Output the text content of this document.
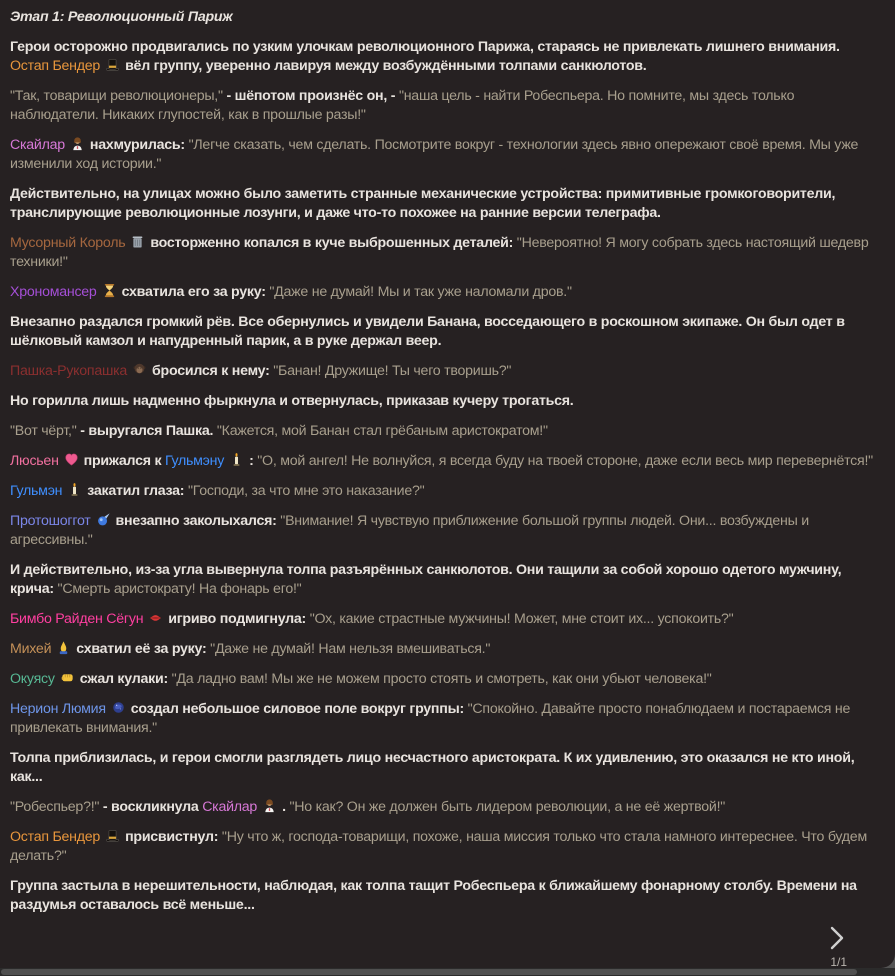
Этап 1: Революционный Париж

Герои осторожно продвигались по узким улочкам революционного Парижа, стараясь не привлекать лишнего внимания. Остап Бендер вёл группу, уверенно лавируя между возбуждёнными толпами санкюлотов.

"Так, товарищи революционеры," - шёпотом произнёс он, - "наша цель - найти Робеспьера. Но помните, мы здесь только наблюдатели. Никаких глупостей, как в прошлые разы!"

Скайлар нахмурилась: "Легче сказать, чем сделать. Посмотрите вокруг - технологии здесь явно опережают своё время. Мы уже изменили ход истории."

Действительно, на улицах можно было заметить странные механические устройства: примитивные громкоговорители, транслирующие революционные лозунги, и даже что-то похожее на ранние версии телеграфа.

Мусорный Король восторженно копался в куче выброшенных деталей: "Невероятно! Я могу собрать здесь настоящий шедевр техники!"

Хрономансер схватила его за руку: "Даже не думай! Мы и так уже наломали дров."

Внезапно раздался громкий рёв. Все обернулись и увидели Банана, восседающего в роскошном экипаже. Он был одет в шёлковый камзол и напудренный парик, а в руке держал веер.

Пашка-Рукопашка бросился к нему: "Банан! Дружище! Ты чего творишь?"

Но горилла лишь надменно фыркнула и отвернулась, приказав кучеру трогаться.

"Вот чёрт," - выругался Пашка. "Кажется, мой Банан стал грёбаным аристократом!"

Люсьен прижался к Гульмэну : "О, мой ангел! Не волнуйся, я всегда буду на твоей стороне, даже если весь мир перевернётся!"

Гульмэн закатил глаза: "Господи, за что мне это наказание?"

Протошоггот внезапно заколыхался: "Внимание! Я чувствую приближение большой группы людей. Они... возбуждены и агрессивны."

И действительно, из-за угла вывернула толпа разъярённых санкюлотов. Они тащили за собой хорошо одетого мужчину, крича: "Смерть аристократу! На фонарь его!"

Бимбо Райден Сёгун игриво подмигнула: "Ох, какие страстные мужчины! Может, мне стоит их... успокоить?"

Михей схватил её за руку: "Даже не думай! Нам нельзя вмешиваться."

Окуясу сжал кулаки: "Да ладно вам! Мы же не можем просто стоять и смотреть, как они убьют человека!"

Нерион Люмия создал небольшое силовое поле вокруг группы: "Спокойно. Давайте просто понаблюдаем и постараемся не привлекать внимания."

Толпа приблизилась, и герои смогли разглядеть лицо несчастного аристократа. К их удивлению, это оказался не кто иной, как...

"Робеспьер?!" - воскликнула Скайлар . "Но как? Он же должен быть лидером революции, а не её жертвой!"

Остап Бендер присвистнул: "Ну что ж, господа-товарищи, похоже, наша миссия только что стала намного интереснее. Что будем делать?"

Группа застыла в нерешительности, наблюдая, как толпа тащит Робеспьера к ближайшему фонарному столбу. Времени на раздумья оставалось всё меньше...

1/1
